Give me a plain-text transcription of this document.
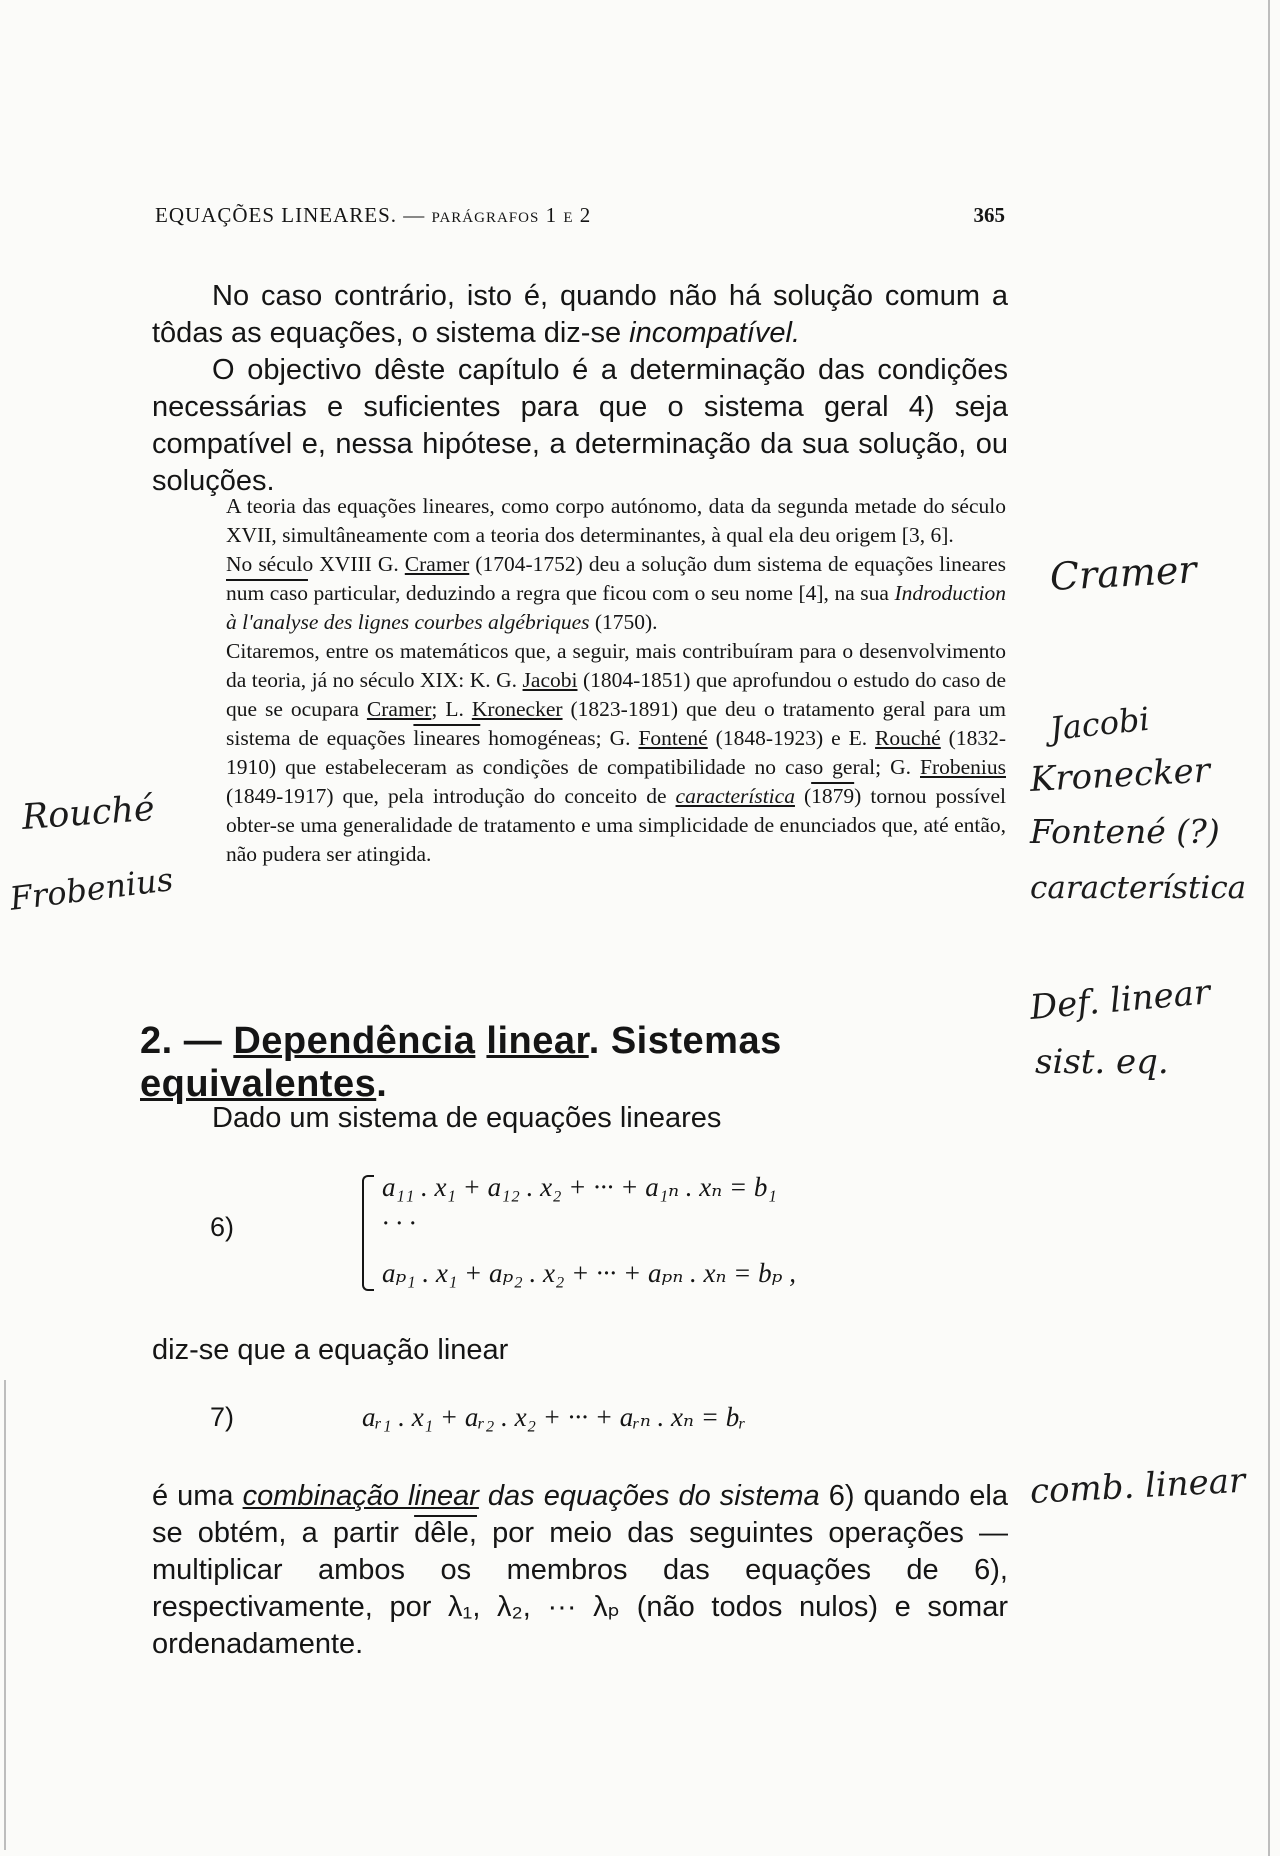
EQUAÇÕES LINEARES. — parágrafos 1 e 2	365

No caso contrário, isto é, quando não há solução comum a tôdas as equações, o sistema diz-se incompatível.

O objectivo dêste capítulo é a determinação das condições necessárias e suficientes para que o sistema geral 4) seja compatível e, nessa hipótese, a determinação da sua solução, ou soluções.

A teoria das equações lineares, como corpo autónomo, data da segunda metade do século XVII, simultâneamente com a teoria dos determinantes, à qual ela deu origem [3, 6].

No século XVIII G. Cramer (1704-1752) deu a solução dum sistema de equações lineares num caso particular, deduzindo a regra que ficou com o seu nome [4], na sua Indroduction à l'analyse des lignes courbes algébriques (1750).

Citaremos, entre os matemáticos que, a seguir, mais contribuíram para o desenvolvimento da teoria, já no século XIX: K. G. Jacobi (1804-1851) que aprofundou o estudo do caso de que se ocupara Cramer; L. Kronecker (1823-1891) que deu o tratamento geral para um sistema de equações lineares homogéneas; G. Fontené (1848-1923) e E. Rouché (1832-1910) que estabeleceram as condições de compatibilidade no caso geral; G. Frobenius (1849-1917) que, pela introdução do conceito de característica (1879) tornou possível obter-se uma generalidade de tratamento e uma simplicidade de enunciados que, até então, não pudera ser atingida.

2. — Dependência linear. Sistemas equivalentes.

Dado um sistema de equações lineares

6)
a₁₁ . x₁ + a₁₂ . x₂ + ··· + a₁ₙ . xₙ = b₁
· · ·
aₚ₁ . x₁ + aₚ₂ . x₂ + ··· + aₚₙ . xₙ = bₚ ,

diz-se que a equação linear

7)	aᵣ₁ . x₁ + aᵣ₂ . x₂ + ··· + aᵣₙ . xₙ = bᵣ

é uma combinação linear das equações do sistema 6) quando ela se obtém, a partir dêle, por meio das seguintes operações — multiplicar ambos os membros das equações de 6), respectivamente, por λ₁, λ₂, ··· λₚ (não todos nulos) e somar ordenadamente.

Cramer
Jacobi
Kronecker
Fontené (?)
característica
Rouché
Frobenius
Def. linear
sist. eq.
comb. linear
